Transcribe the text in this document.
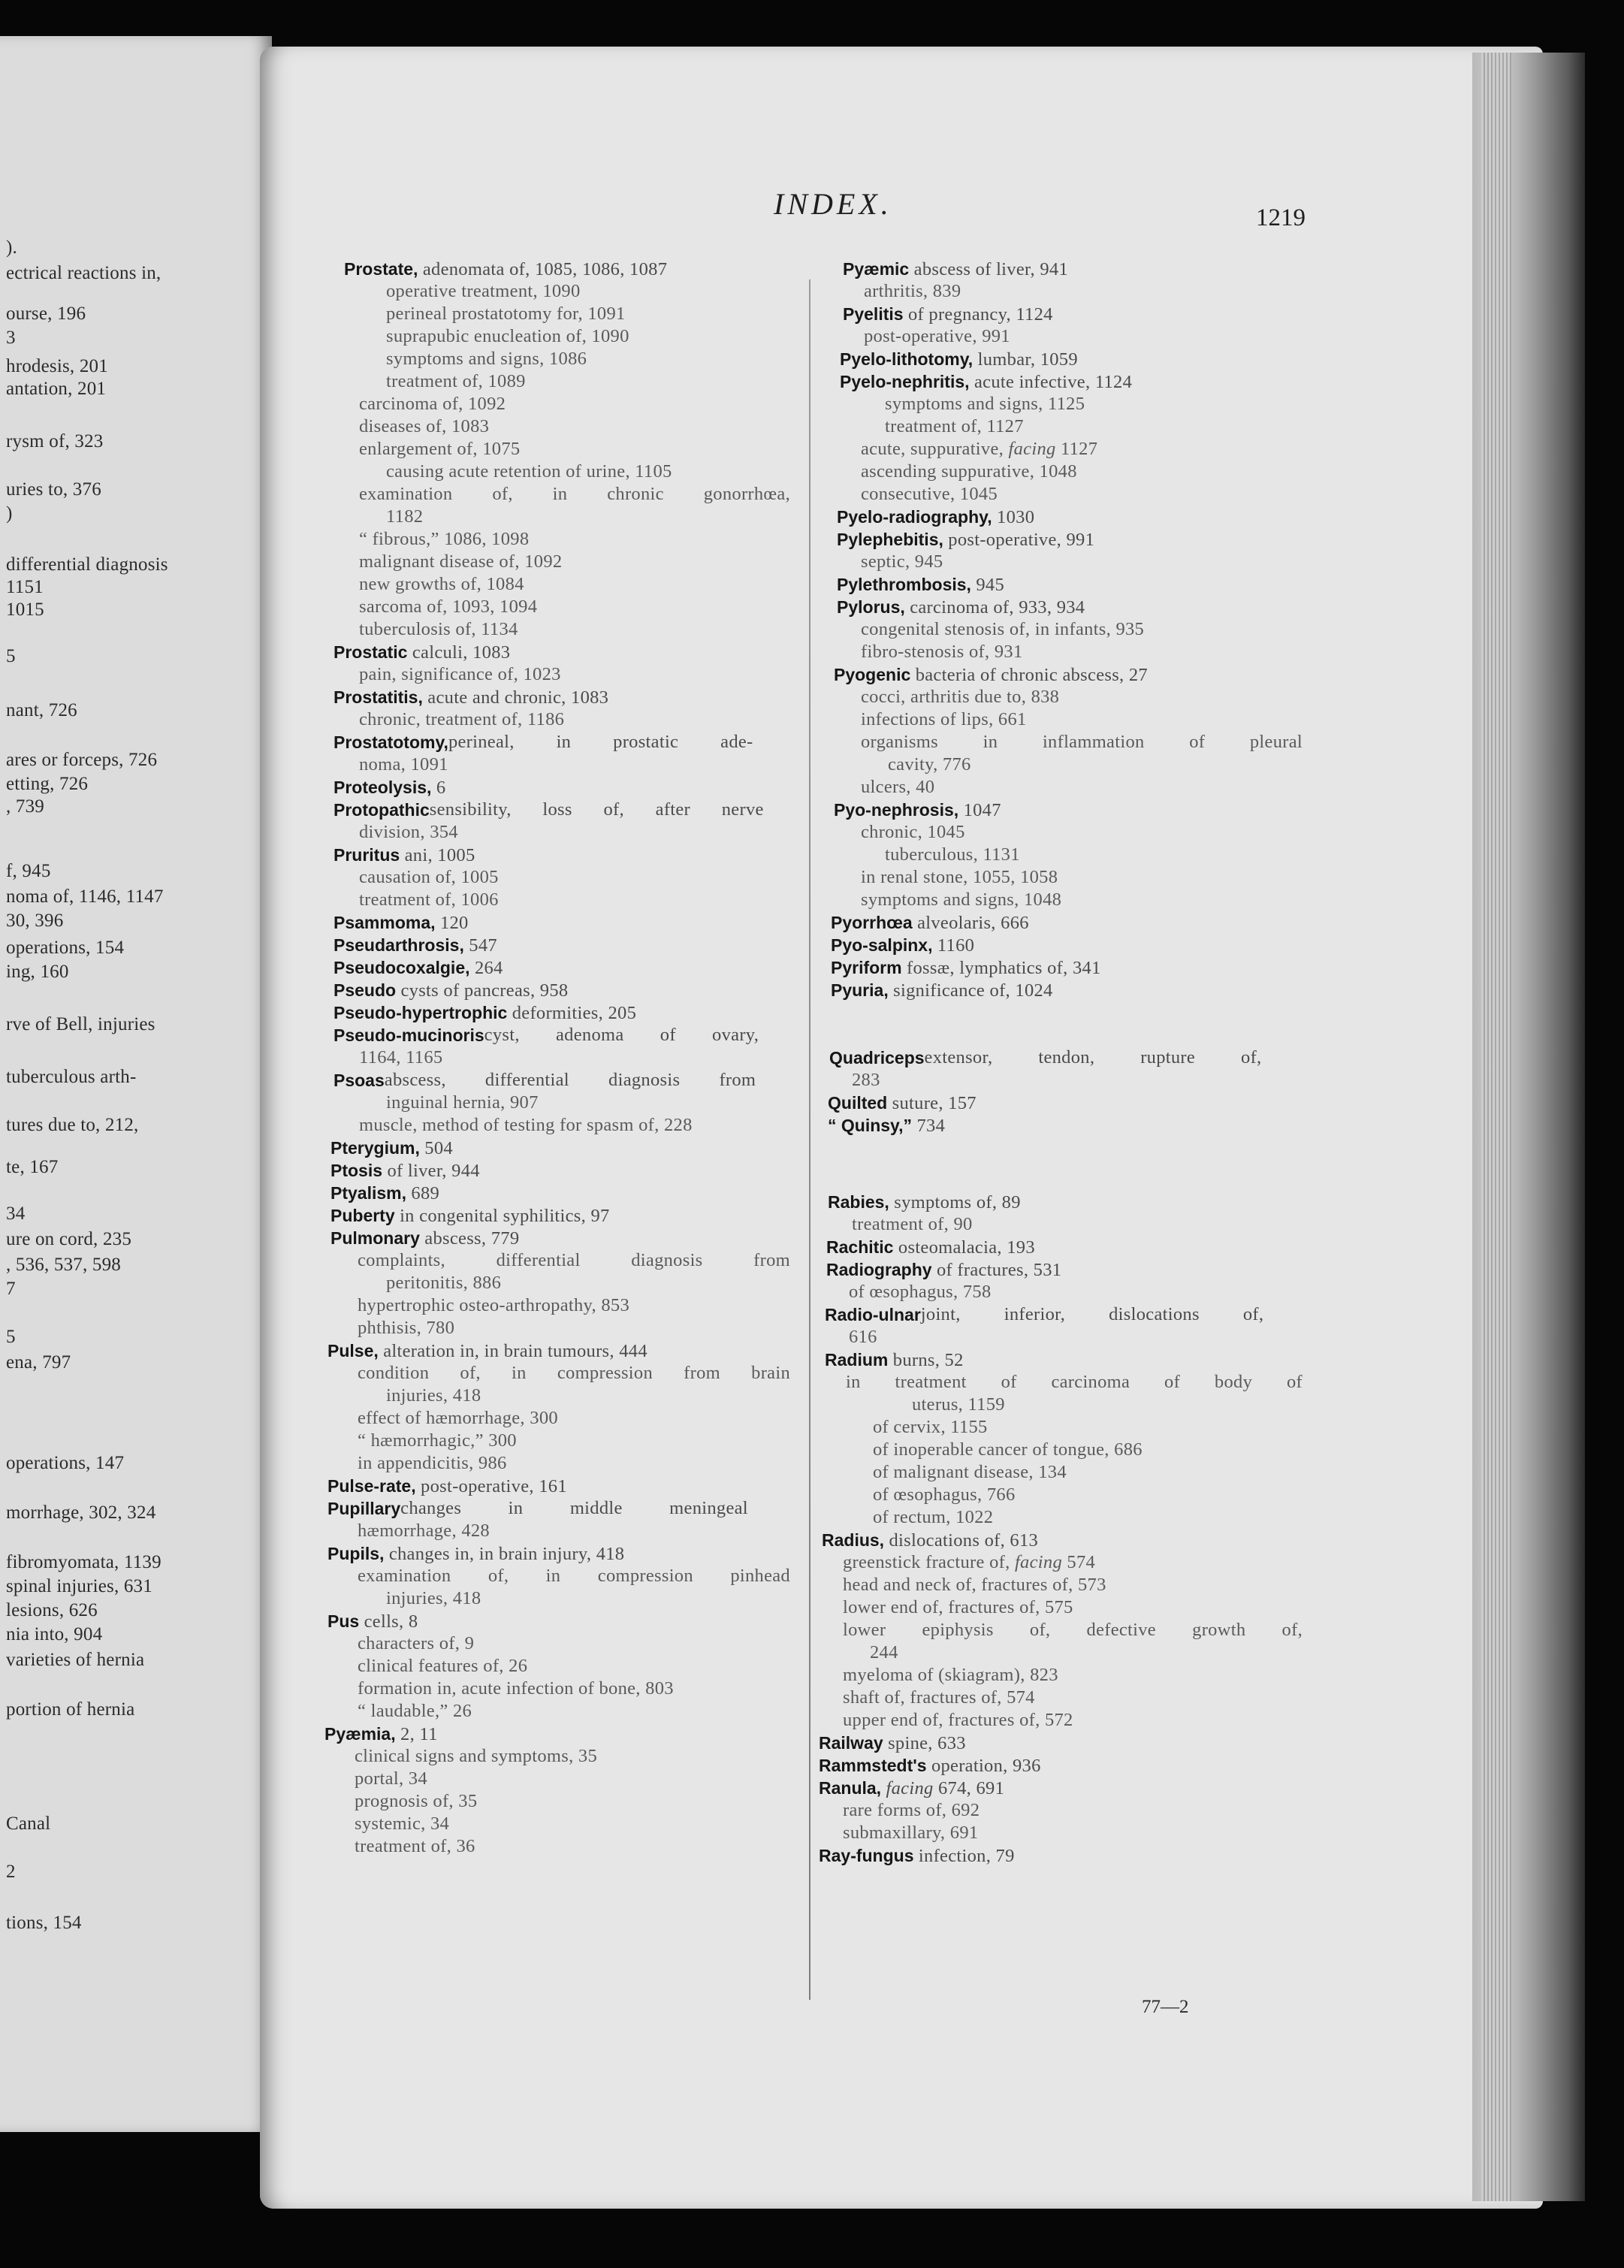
).
ectrical reactions in,
ourse, 196
3
hrodesis, 201
antation, 201
rysm of, 323
uries to, 376
)
differential diagnosis
1151
1015
5
nant, 726
ares or forceps, 726
etting, 726
, 739
f, 945
noma of, 1146, 1147
30, 396
operations, 154
ing, 160
rve of Bell, injuries
tuberculous arth-
tures due to, 212,
te, 167
34
ure on cord, 235
, 536, 537, 598
7
5
ena, 797
operations, 147
morrhage, 302, 324
fibromyomata, 1139
spinal injuries, 631
lesions, 626
nia into, 904
varieties of hernia
portion of hernia
Canal
2
tions, 154
INDEX.	1219
Prostate, adenomata of, 1085, 1086, 1087
operative treatment, 1090
perineal prostatotomy for, 1091
suprapubic enucleation of, 1090
symptoms and signs, 1086
treatment of, 1089
carcinoma of, 1092
diseases of, 1083
enlargement of, 1075
causing acute retention of urine, 1105
examination of, in chronic gonorrhœa,
1182
“ fibrous,” 1086, 1098
malignant disease of, 1092
new growths of, 1084
sarcoma of, 1093, 1094
tuberculosis of, 1134
Prostatic calculi, 1083
pain, significance of, 1023
Prostatitis, acute and chronic, 1083
chronic, treatment of, 1186
Prostatotomy, perineal, in prostatic ade-
noma, 1091
Proteolysis, 6
Protopathic sensibility, loss of, after nerve
division, 354
Pruritus ani, 1005
causation of, 1005
treatment of, 1006
Psammoma, 120
Pseudarthrosis, 547
Pseudocoxalgie, 264
Pseudo cysts of pancreas, 958
Pseudo-hypertrophic deformities, 205
Pseudo-mucinoris cyst, adenoma of ovary,
1164, 1165
Psoas abscess, differential diagnosis from
inguinal hernia, 907
muscle, method of testing for spasm of, 228
Pterygium, 504
Ptosis of liver, 944
Ptyalism, 689
Puberty in congenital syphilitics, 97
Pulmonary abscess, 779
complaints, differential diagnosis from
peritonitis, 886
hypertrophic osteo-arthropathy, 853
phthisis, 780
Pulse, alteration in, in brain tumours, 444
condition of, in compression from brain
injuries, 418
effect of hæmorrhage, 300
“ hæmorrhagic,” 300
in appendicitis, 986
Pulse-rate, post-operative, 161
Pupillary changes in middle meningeal
hæmorrhage, 428
Pupils, changes in, in brain injury, 418
examination of, in compression pinhead
injuries, 418
Pus cells, 8
characters of, 9
clinical features of, 26
formation in, acute infection of bone, 803
“ laudable,” 26
Pyæmia, 2, 11
clinical signs and symptoms, 35
portal, 34
prognosis of, 35
systemic, 34
treatment of, 36
Pyæmic abscess of liver, 941
arthritis, 839
Pyelitis of pregnancy, 1124
post-operative, 991
Pyelo-lithotomy, lumbar, 1059
Pyelo-nephritis, acute infective, 1124
symptoms and signs, 1125
treatment of, 1127
acute, suppurative, facing 1127
ascending suppurative, 1048
consecutive, 1045
Pyelo-radiography, 1030
Pylephebitis, post-operative, 991
septic, 945
Pylethrombosis, 945
Pylorus, carcinoma of, 933, 934
congenital stenosis of, in infants, 935
fibro-stenosis of, 931
Pyogenic bacteria of chronic abscess, 27
cocci, arthritis due to, 838
infections of lips, 661
organisms in inflammation of pleural
cavity, 776
ulcers, 40
Pyo-nephrosis, 1047
chronic, 1045
tuberculous, 1131
in renal stone, 1055, 1058
symptoms and signs, 1048
Pyorrhœa alveolaris, 666
Pyo-salpinx, 1160
Pyriform fossæ, lymphatics of, 341
Pyuria, significance of, 1024
Quadriceps extensor, tendon, rupture of,
283
Quilted suture, 157
“ Quinsy,” 734
Rabies, symptoms of, 89
treatment of, 90
Rachitic osteomalacia, 193
Radiography of fractures, 531
of œsophagus, 758
Radio-ulnar joint, inferior, dislocations of,
616
Radium burns, 52
in treatment of carcinoma of body of
uterus, 1159
of cervix, 1155
of inoperable cancer of tongue, 686
of malignant disease, 134
of œsophagus, 766
of rectum, 1022
Radius, dislocations of, 613
greenstick fracture of, facing 574
head and neck of, fractures of, 573
lower end of, fractures of, 575
lower epiphysis of, defective growth of,
244
myeloma of (skiagram), 823
shaft of, fractures of, 574
upper end of, fractures of, 572
Railway spine, 633
Rammstedt's operation, 936
Ranula, facing 674, 691
rare forms of, 692
submaxillary, 691
Ray-fungus infection, 79
77—2
